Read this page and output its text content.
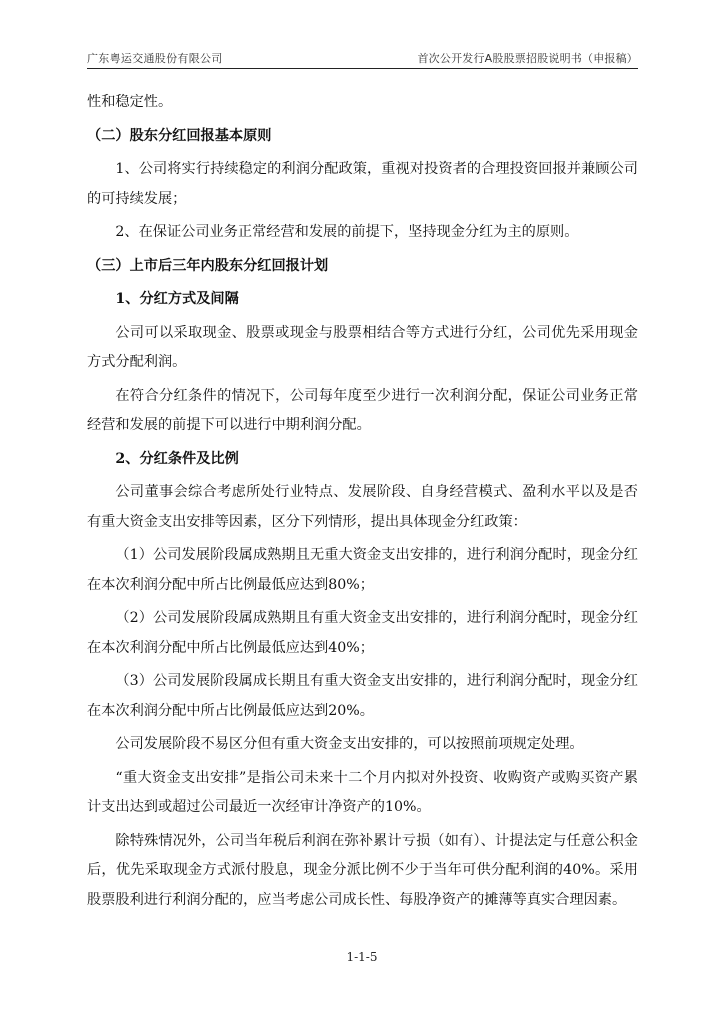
广东粤运交通股份有限公司	首次公开发行A股股票招股说明书（申报稿）

性和稳定性。

（二）股东分红回报基本原则

1、公司将实行持续稳定的利润分配政策，重视对投资者的合理投资回报并兼顾公司的可持续发展；

2、在保证公司业务正常经营和发展的前提下，坚持现金分红为主的原则。

（三）上市后三年内股东分红回报计划

1、分红方式及间隔

公司可以采取现金、股票或现金与股票相结合等方式进行分红，公司优先采用现金方式分配利润。

在符合分红条件的情况下，公司每年度至少进行一次利润分配，保证公司业务正常经营和发展的前提下可以进行中期利润分配。

2、分红条件及比例

公司董事会综合考虑所处行业特点、发展阶段、自身经营模式、盈利水平以及是否有重大资金支出安排等因素，区分下列情形，提出具体现金分红政策：

（1）公司发展阶段属成熟期且无重大资金支出安排的，进行利润分配时，现金分红在本次利润分配中所占比例最低应达到80%；

（2）公司发展阶段属成熟期且有重大资金支出安排的，进行利润分配时，现金分红在本次利润分配中所占比例最低应达到40%；

（3）公司发展阶段属成长期且有重大资金支出安排的，进行利润分配时，现金分红在本次利润分配中所占比例最低应达到20%。

公司发展阶段不易区分但有重大资金支出安排的，可以按照前项规定处理。

“重大资金支出安排”是指公司未来十二个月内拟对外投资、收购资产或购买资产累计支出达到或超过公司最近一次经审计净资产的10%。

除特殊情况外，公司当年税后利润在弥补累计亏损（如有）、计提法定与任意公积金后，优先采取现金方式派付股息，现金分派比例不少于当年可供分配利润的40%。采用股票股利进行利润分配的，应当考虑公司成长性、每股净资产的摊薄等真实合理因素。

1-1-5
